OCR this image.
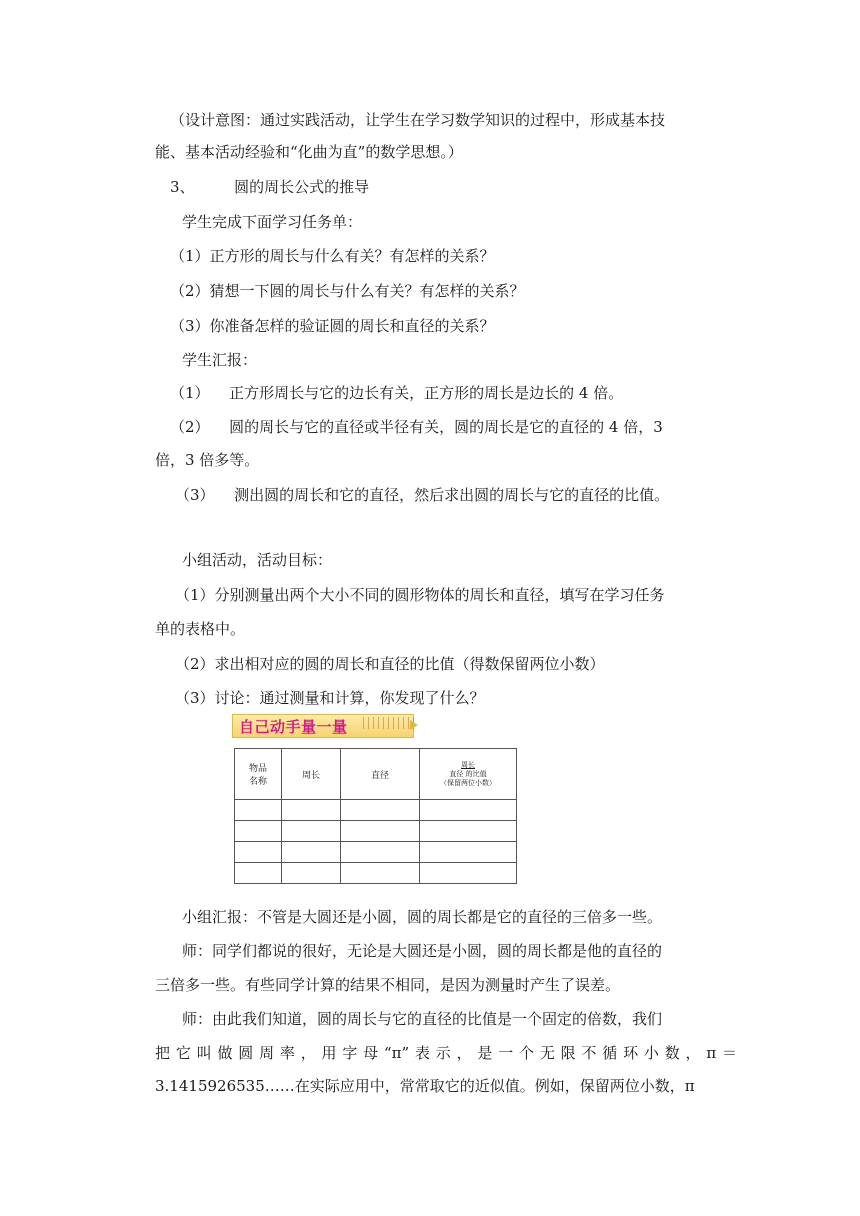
（设计意图：通过实践活动，让学生在学习数学知识的过程中，形成基本技
能、基本活动经验和“化曲为直”的数学思想。）
3、	圆的周长公式的推导
学生完成下面学习任务单：
（1）正方形的周长与什么有关？有怎样的关系？
（2）猜想一下圆的周长与什么有关？有怎样的关系？
（3）你准备怎样的验证圆的周长和直径的关系？
学生汇报：
（1） 正方形周长与它的边长有关，正方形的周长是边长的 4 倍。
（2） 圆的周长与它的直径或半径有关，圆的周长是它的直径的 4 倍，3
倍，3 倍多等。
（3） 测出圆的周长和它的直径，然后求出圆的周长与它的直径的比值。
小组活动，活动目标：
（1）分别测量出两个大小不同的圆形物体的周长和直径，填写在学习任务
单的表格中。
（2）求出相对应的圆的周长和直径的比值（得数保留两位小数）
（3）讨论：通过测量和计算，你发现了什么？
自己动手量一量
物品
名称	周长	直径	周长
直径 的比值
（保留两位小数）

小组汇报：不管是大圆还是小圆，圆的周长都是它的直径的三倍多一些。
师：同学们都说的很好，无论是大圆还是小圆，圆的周长都是他的直径的
三倍多一些。有些同学计算的结果不相同，是因为测量时产生了误差。
师：由此我们知道，圆的周长与它的直径的比值是一个固定的倍数，我们
把它叫做圆周率，用字母“π”表示，是一个无限不循环小数，π＝
3.1415926535……在实际应用中，常常取它的近似值。例如，保留两位小数，π
